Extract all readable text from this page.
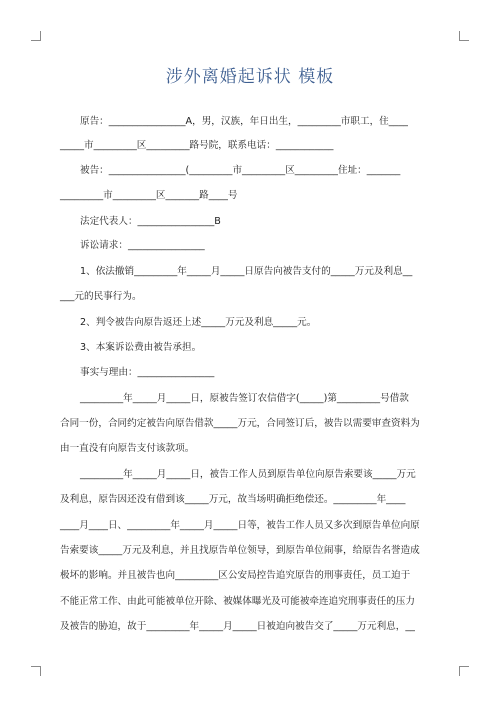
涉外离婚起诉状 模板
原告：________________A，男，汉族，年日出生，_________市职工，住____
_____市_________区_________路号院，联系电话：____________
被告：________________(_________市_________区_________住址：_______
_________市_________区_______路____号
法定代表人：________________B
诉讼请求：________________
1、依法撤销_________年_____月_____日原告向被告支付的_____万元及利息__
___元的民事行为。
2、判令被告向原告返还上述_____万元及利息_____元。
3、本案诉讼费由被告承担。
事实与理由：________________
_________年_____月_____日，原被告签订农信借字(_____)第_________号借款
合同一份，合同约定被告向原告借款_____万元，合同签订后，被告以需要审查资料为
由一直没有向原告支付该款项。
_________年_____月_____日，被告工作人员到原告单位向原告索要该_____万元
及利息，原告因还没有借到该_____万元，故当场明确拒绝偿还。_________年____
____月____日、_________年_____月_____日等，被告工作人员又多次到原告单位向原
告索要该_____万元及利息，并且找原告单位领导，到原告单位闹事，给原告名誉造成
极坏的影响。并且被告也向_________区公安局控告追究原告的刑事责任，员工迫于
不能正常工作、由此可能被单位开除、被媒体曝光及可能被牵连追究刑事责任的压力
及被告的胁迫，故于_________年_____月_____日被迫向被告交了_____万元利息，__
